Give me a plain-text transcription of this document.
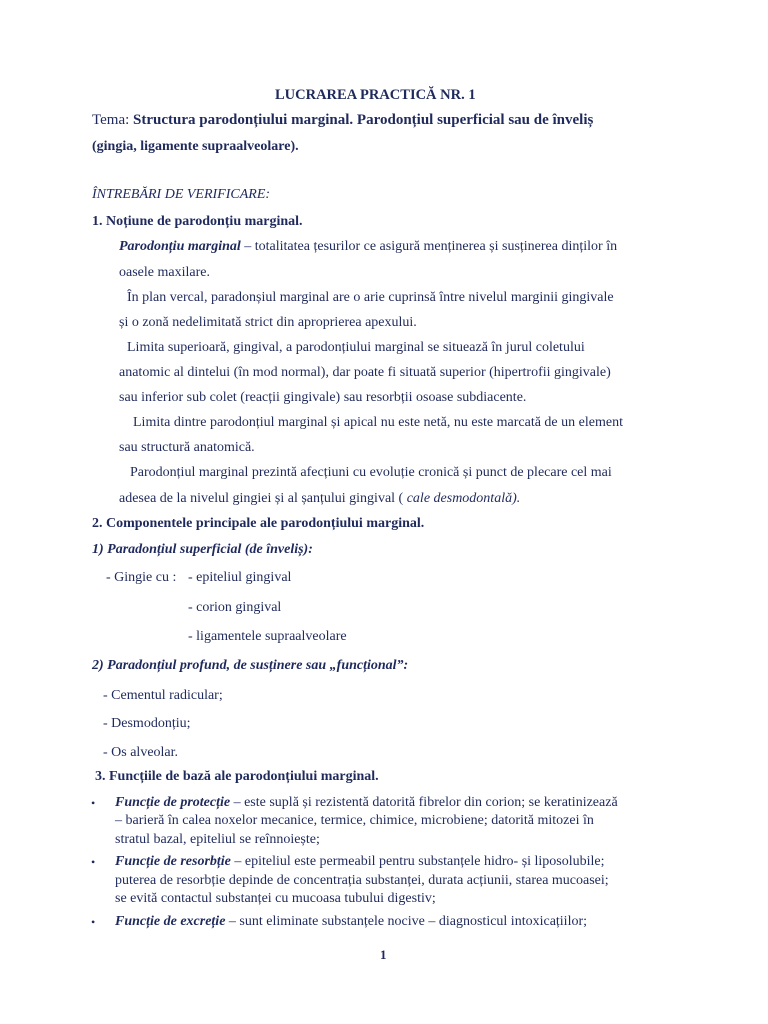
LUCRAREA PRACTICĂ NR. 1
Tema: Structura parodonțiului marginal. Parodonțiul superficial sau de înveliș
(gingia, ligamente supraalveolare).
ÎNTREBĂRI DE VERIFICARE:
1. Noțiune de parodonțiu marginal.
Parodonțiu marginal – totalitatea țesurilor ce asigură menținerea și susținerea dinților în
oasele maxilare.
În plan vercal, paradonșiul marginal are o arie cuprinsă între nivelul marginii gingivale
și o zonă nedelimitată strict din aproprierea apexului.
Limita superioară, gingival, a parodonțiului marginal se situează în jurul coletului
anatomic al dintelui (în mod normal), dar poate fi situată superior (hipertrofii gingivale)
sau inferior sub colet (reacții gingivale) sau resorbții osoase subdiacente.
Limita dintre parodonțiul marginal și apical nu este netă, nu este marcată de un element
sau structură anatomică.
Parodonțiul marginal prezintă afecțiuni cu evoluție cronică și punct de plecare cel mai
adesea de la nivelul gingiei și al șanțului gingival ( cale desmodontală).
2. Componentele principale ale parodonțiului marginal.
1) Paradonțiul superficial (de înveliș):
- Gingie cu : - epiteliul gingival
- corion gingival
- ligamentele supraalveolare
2) Paradonțiul profund, de susținere sau „funcțional”:
- Cementul radicular;
- Desmodonțiu;
- Os alveolar.
3. Funcțiile de bază ale parodonțiului marginal.
• Funcție de protecție – este suplă și rezistentă datorită fibrelor din corion; se keratinizează
– barieră în calea noxelor mecanice, termice, chimice, microbiene; datorită mitozei în
stratul bazal, epiteliul se reînnoiește;
• Funcție de resorbție – epiteliul este permeabil pentru substanțele hidro- și liposolubile;
puterea de resorbție depinde de concentrația substanței, durata acțiunii, starea mucoasei;
se evită contactul substanței cu mucoasa tubului digestiv;
• Funcție de excreție – sunt eliminate substanțele nocive – diagnosticul intoxicațiilor;
1
